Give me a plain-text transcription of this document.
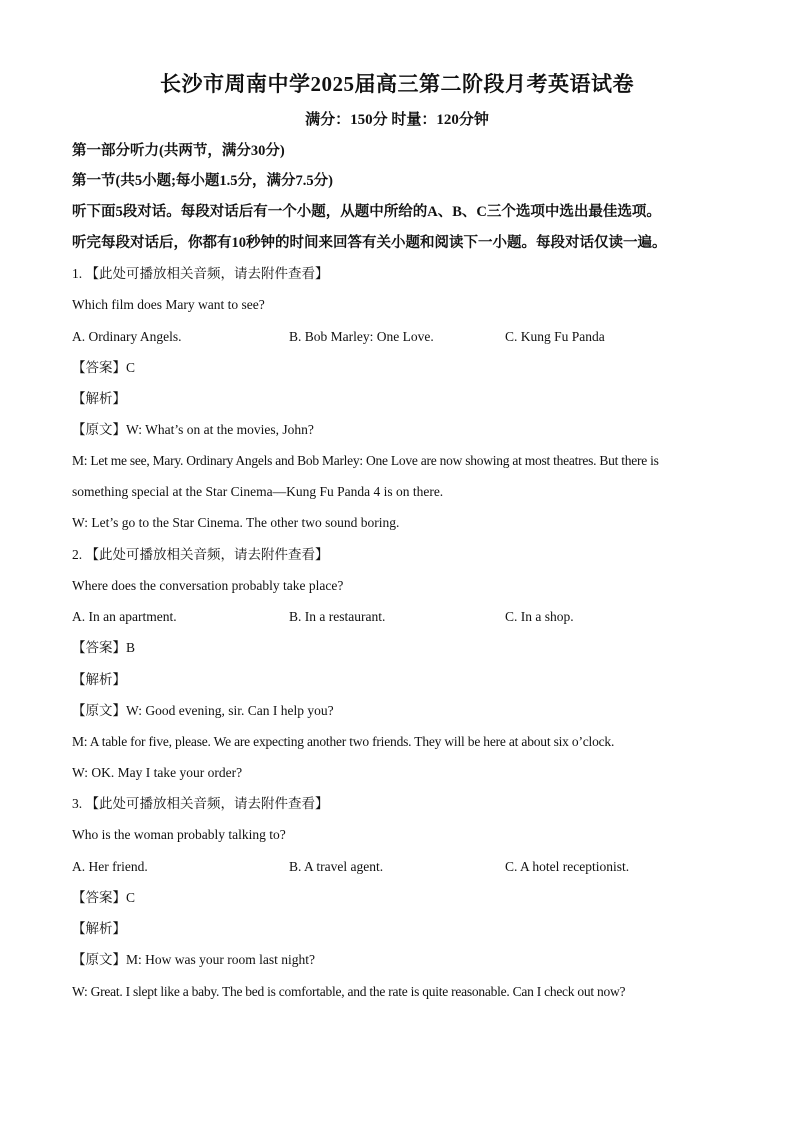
长沙市周南中学2025届高三第二阶段月考英语试卷
满分：150分 时量：120分钟
第一部分听力(共两节，满分30分)
第一节(共5小题;每小题1.5分，满分7.5分)
听下面5段对话。每段对话后有一个小题，从题中所给的A、B、C三个选项中选出最佳选项。
听完每段对话后，你都有10秒钟的时间来回答有关小题和阅读下一小题。每段对话仅读一遍。
1. 【此处可播放相关音频，请去附件查看】
Which film does Mary want to see?
A. Ordinary Angels.	B. Bob Marley: One Love.	C. Kung Fu Panda
【答案】C
【解析】
【原文】W: What’s on at the movies, John?
M: Let me see, Mary. Ordinary Angels and Bob Marley: One Love are now showing at most theatres. But there is
something special at the Star Cinema—Kung Fu Panda 4 is on there.
W: Let’s go to the Star Cinema. The other two sound boring.
2. 【此处可播放相关音频，请去附件查看】
Where does the conversation probably take place?
A. In an apartment.	B. In a restaurant.	C. In a shop.
【答案】B
【解析】
【原文】W: Good evening, sir. Can I help you?
M: A table for five, please. We are expecting another two friends. They will be here at about six o’clock.
W: OK. May I take your order?
3. 【此处可播放相关音频，请去附件查看】
Who is the woman probably talking to?
A. Her friend.	B. A travel agent.	C. A hotel receptionist.
【答案】C
【解析】
【原文】M: How was your room last night?
W: Great. I slept like a baby. The bed is comfortable, and the rate is quite reasonable. Can I check out now?
